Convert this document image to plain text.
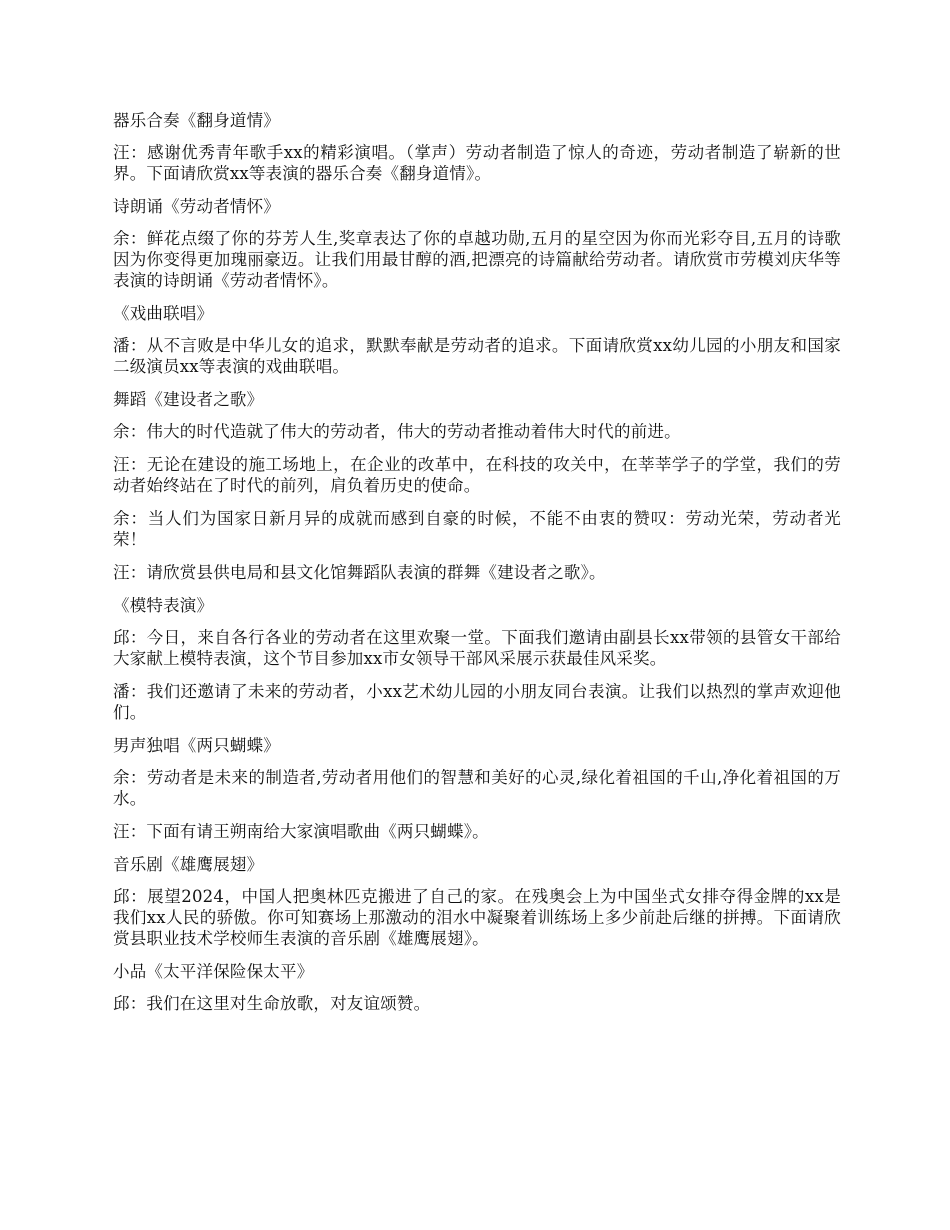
器乐合奏《翻身道情》

汪：感谢优秀青年歌手xx的精彩演唱。（掌声）劳动者制造了惊人的奇迹，劳动者制造了崭新的世界。下面请欣赏xx等表演的器乐合奏《翻身道情》。

诗朗诵《劳动者情怀》

余：鲜花点缀了你的芬芳人生,奖章表达了你的卓越功勋,五月的星空因为你而光彩夺目,五月的诗歌因为你变得更加瑰丽豪迈。让我们用最甘醇的酒,把漂亮的诗篇献给劳动者。请欣赏市劳模刘庆华等表演的诗朗诵《劳动者情怀》。

《戏曲联唱》

潘：从不言败是中华儿女的追求，默默奉献是劳动者的追求。下面请欣赏xx幼儿园的小朋友和国家二级演员xx等表演的戏曲联唱。

舞蹈《建设者之歌》

余：伟大的时代造就了伟大的劳动者，伟大的劳动者推动着伟大时代的前进。

汪：无论在建设的施工场地上，在企业的改革中，在科技的攻关中，在莘莘学子的学堂，我们的劳动者始终站在了时代的前列，肩负着历史的使命。

余：当人们为国家日新月异的成就而感到自豪的时候，不能不由衷的赞叹：劳动光荣，劳动者光荣！

汪：请欣赏县供电局和县文化馆舞蹈队表演的群舞《建设者之歌》。

《模特表演》

邱：今日，来自各行各业的劳动者在这里欢聚一堂。下面我们邀请由副县长xx带领的县管女干部给大家献上模特表演，这个节目参加xx市女领导干部风采展示获最佳风采奖。

潘：我们还邀请了未来的劳动者，小xx艺术幼儿园的小朋友同台表演。让我们以热烈的掌声欢迎他们。

男声独唱《两只蝴蝶》

余：劳动者是未来的制造者,劳动者用他们的智慧和美好的心灵,绿化着祖国的千山,净化着祖国的万水。

汪：下面有请王朔南给大家演唱歌曲《两只蝴蝶》。

音乐剧《雄鹰展翅》

邱：展望2024，中国人把奥林匹克搬进了自己的家。在残奥会上为中国坐式女排夺得金牌的xx是我们xx人民的骄傲。你可知赛场上那激动的泪水中凝聚着训练场上多少前赴后继的拼搏。下面请欣赏县职业技术学校师生表演的音乐剧《雄鹰展翅》。

小品《太平洋保险保太平》

邱：我们在这里对生命放歌，对友谊颂赞。
